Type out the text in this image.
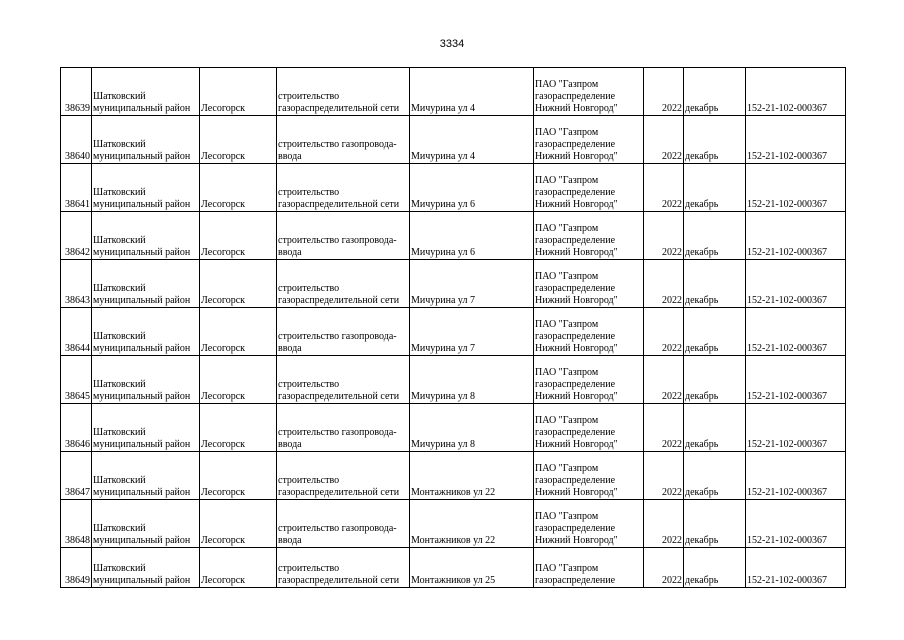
3334
38639	Шатковский муниципальный район	Лесогорск	строительство газораспределительной сети	Мичурина ул 4	ПАО "Газпром газораспределение Нижний Новгород"	2022	декабрь	152-21-102-000367
38640	Шатковский муниципальный район	Лесогорск	строительство газопровода-ввода	Мичурина ул 4	ПАО "Газпром газораспределение Нижний Новгород"	2022	декабрь	152-21-102-000367
38641	Шатковский муниципальный район	Лесогорск	строительство газораспределительной сети	Мичурина ул 6	ПАО "Газпром газораспределение Нижний Новгород"	2022	декабрь	152-21-102-000367
38642	Шатковский муниципальный район	Лесогорск	строительство газопровода-ввода	Мичурина ул 6	ПАО "Газпром газораспределение Нижний Новгород"	2022	декабрь	152-21-102-000367
38643	Шатковский муниципальный район	Лесогорск	строительство газораспределительной сети	Мичурина ул 7	ПАО "Газпром газораспределение Нижний Новгород"	2022	декабрь	152-21-102-000367
38644	Шатковский муниципальный район	Лесогорск	строительство газопровода-ввода	Мичурина ул 7	ПАО "Газпром газораспределение Нижний Новгород"	2022	декабрь	152-21-102-000367
38645	Шатковский муниципальный район	Лесогорск	строительство газораспределительной сети	Мичурина ул 8	ПАО "Газпром газораспределение Нижний Новгород"	2022	декабрь	152-21-102-000367
38646	Шатковский муниципальный район	Лесогорск	строительство газопровода-ввода	Мичурина ул 8	ПАО "Газпром газораспределение Нижний Новгород"	2022	декабрь	152-21-102-000367
38647	Шатковский муниципальный район	Лесогорск	строительство газораспределительной сети	Монтажников ул 22	ПАО "Газпром газораспределение Нижний Новгород"	2022	декабрь	152-21-102-000367
38648	Шатковский муниципальный район	Лесогорск	строительство газопровода-ввода	Монтажников ул 22	ПАО "Газпром газораспределение Нижний Новгород"	2022	декабрь	152-21-102-000367
38649	Шатковский муниципальный район	Лесогорск	строительство газораспределительной сети	Монтажников ул 25	ПАО "Газпром газораспределение	2022	декабрь	152-21-102-000367
